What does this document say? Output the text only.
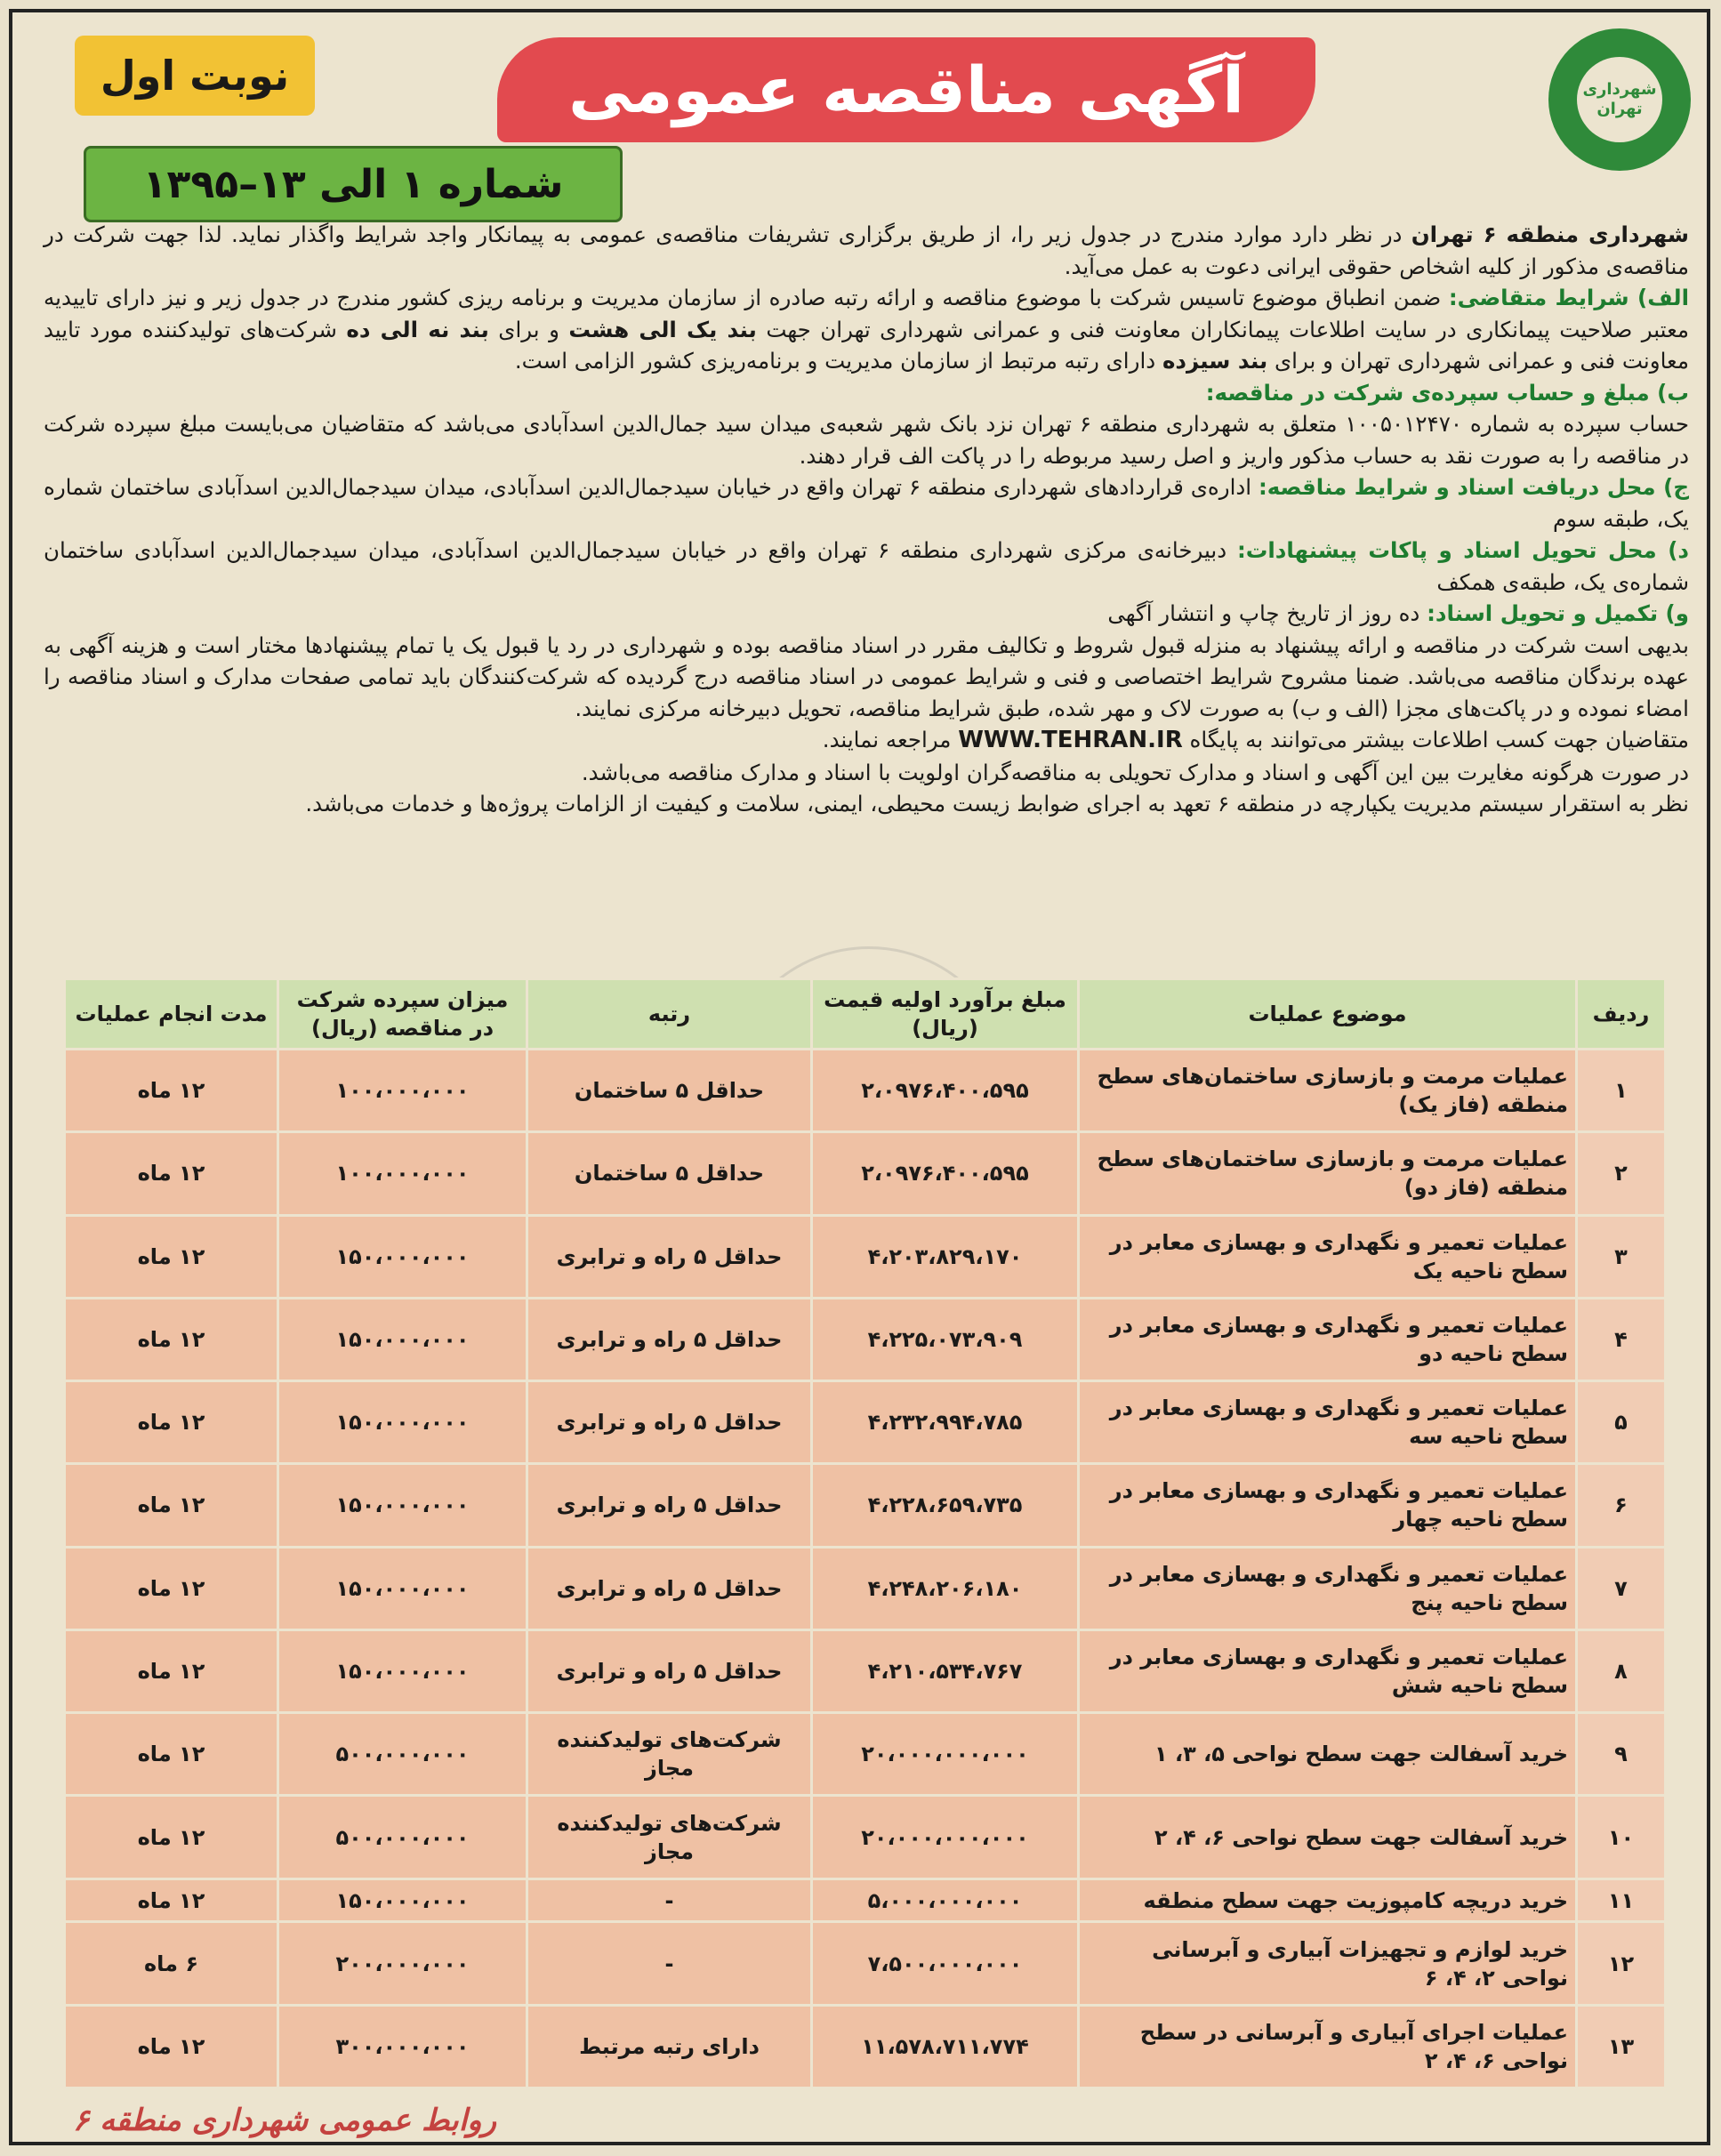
شهرداری تهران
آگهی مناقصه عمومی
نوبت اول
شماره ۱ الی ۱۳–۱۳۹۵

شهرداری منطقه ۶ تهران در نظر دارد موارد مندرج در جدول زیر را، از طریق برگزاری تشریفات مناقصه‌ی عمومی به پیمانکار واجد شرایط واگذار نماید. لذا جهت شرکت در مناقصه‌ی مذکور از کلیه اشخاص حقوقی ایرانی دعوت به عمل می‌آید.

الف) شرایط متقاضی: ضمن انطباق موضوع تاسیس شرکت با موضوع مناقصه و ارائه رتبه صادره از سازمان مدیریت و برنامه ریزی کشور مندرج در جدول زیر و نیز دارای تاییدیه معتبر صلاحیت پیمانکاری در سایت اطلاعات پیمانکاران معاونت فنی و عمرانی شهرداری تهران جهت بند یک الی هشت و برای بند نه الی ده شرکت‌های تولیدکننده مورد تایید معاونت فنی و عمرانی شهرداری تهران و برای بند سیزده دارای رتبه مرتبط از سازمان مدیریت و برنامه‌ریزی کشور الزامی است.

ب) مبلغ و حساب سپرده‌ی شرکت در مناقصه:

حساب سپرده به شماره ۱۰۰۵۰۱۲۴۷۰ متعلق به شهرداری منطقه ۶ تهران نزد بانک شهر شعبه‌ی میدان سید جمال‌الدین اسدآبادی می‌باشد که متقاضیان می‌بایست مبلغ سپرده شرکت در مناقصه را به صورت نقد به حساب مذکور واریز و اصل رسید مربوطه را در پاکت الف قرار دهند.

ج) محل دریافت اسناد و شرایط مناقصه: اداره‌ی قراردادهای شهرداری منطقه ۶ تهران واقع در خیابان سیدجمال‌الدین اسدآبادی، میدان سیدجمال‌الدین اسدآبادی ساختمان شماره یک، طبقه سوم

د) محل تحویل اسناد و پاکات پیشنهادات: دبیرخانه‌ی مرکزی شهرداری منطقه ۶ تهران واقع در خیابان سیدجمال‌الدین اسدآبادی، میدان سیدجمال‌الدین اسدآبادی ساختمان شماره‌ی یک، طبقه‌ی همکف

و) تکمیل و تحویل اسناد: ده روز از تاریخ چاپ و انتشار آگهی

بدیهی است شرکت در مناقصه و ارائه پیشنهاد به منزله قبول شروط و تکالیف مقرر در اسناد مناقصه بوده و شهرداری در رد یا قبول یک یا تمام پیشنهادها مختار است و هزینه آگهی به عهده برندگان مناقصه می‌باشد. ضمنا مشروح شرایط اختصاصی و فنی و شرایط عمومی در اسناد مناقصه درج گردیده که شرکت‌کنندگان باید تمامی صفحات مدارک و اسناد مناقصه را امضاء نموده و در پاکت‌های مجزا (الف و ب) به صورت لاک و مهر شده، طبق شرایط مناقصه، تحویل دبیرخانه مرکزی نمایند.

متقاضیان جهت کسب اطلاعات بیشتر می‌توانند به پایگاه WWW.TEHRAN.IR مراجعه نمایند.

در صورت هرگونه مغایرت بین این آگهی و اسناد و مدارک تحویلی به مناقصه‌گران اولویت با اسناد و مدارک مناقصه می‌باشد.

نظر به استقرار سیستم مدیریت یکپارچه در منطقه ۶ تعهد به اجرای ضوابط زیست محیطی، ایمنی، سلامت و کیفیت از الزامات پروژه‌ها و خدمات می‌باشد.

ردیف	موضوع عملیات	مبلغ برآورد اولیه قیمت (ریال)	رتبه	میزان سپرده شرکت در مناقصه (ریال)	مدت انجام عملیات
۱	عملیات مرمت و بازسازی ساختمان‌های سطح منطقه (فاز یک)	۲،۰۹۷۶،۴۰۰،۵۹۵	حداقل ۵ ساختمان	۱۰۰،۰۰۰،۰۰۰	۱۲ ماه
۲	عملیات مرمت و بازسازی ساختمان‌های سطح منطقه (فاز دو)	۲،۰۹۷۶،۴۰۰،۵۹۵	حداقل ۵ ساختمان	۱۰۰،۰۰۰،۰۰۰	۱۲ ماه
۳	عملیات تعمیر و نگهداری و بهسازی معابر در سطح ناحیه یک	۴،۲۰۳،۸۲۹،۱۷۰	حداقل ۵ راه و ترابری	۱۵۰،۰۰۰،۰۰۰	۱۲ ماه
۴	عملیات تعمیر و نگهداری و بهسازی معابر در سطح ناحیه دو	۴،۲۲۵،۰۷۳،۹۰۹	حداقل ۵ راه و ترابری	۱۵۰،۰۰۰،۰۰۰	۱۲ ماه
۵	عملیات تعمیر و نگهداری و بهسازی معابر در سطح ناحیه سه	۴،۲۳۲،۹۹۴،۷۸۵	حداقل ۵ راه و ترابری	۱۵۰،۰۰۰،۰۰۰	۱۲ ماه
۶	عملیات تعمیر و نگهداری و بهسازی معابر در سطح ناحیه چهار	۴،۲۲۸،۶۵۹،۷۳۵	حداقل ۵ راه و ترابری	۱۵۰،۰۰۰،۰۰۰	۱۲ ماه
۷	عملیات تعمیر و نگهداری و بهسازی معابر در سطح ناحیه پنج	۴،۲۴۸،۲۰۶،۱۸۰	حداقل ۵ راه و ترابری	۱۵۰،۰۰۰،۰۰۰	۱۲ ماه
۸	عملیات تعمیر و نگهداری و بهسازی معابر در سطح ناحیه شش	۴،۲۱۰،۵۳۴،۷۶۷	حداقل ۵ راه و ترابری	۱۵۰،۰۰۰،۰۰۰	۱۲ ماه
۹	خرید آسفالت جهت سطح نواحی ۵، ۳، ۱	۲۰،۰۰۰،۰۰۰،۰۰۰	شرکت‌های تولیدکننده مجاز	۵۰۰،۰۰۰،۰۰۰	۱۲ ماه
۱۰	خرید آسفالت جهت سطح نواحی ۶، ۴، ۲	۲۰،۰۰۰،۰۰۰،۰۰۰	شرکت‌های تولیدکننده مجاز	۵۰۰،۰۰۰،۰۰۰	۱۲ ماه
۱۱	خرید دریچه کامپوزیت جهت سطح منطقه	۵،۰۰۰،۰۰۰،۰۰۰	-	۱۵۰،۰۰۰،۰۰۰	۱۲ ماه
۱۲	خرید لوازم و تجهیزات آبیاری و آبرسانی نواحی ۲، ۴، ۶	۷،۵۰۰،۰۰۰،۰۰۰	-	۲۰۰،۰۰۰،۰۰۰	۶ ماه
۱۳	عملیات اجرای آبیاری و آبرسانی در سطح نواحی ۶، ۴، ۲	۱۱،۵۷۸،۷۱۱،۷۷۴	دارای رتبه مرتبط	۳۰۰،۰۰۰،۰۰۰	۱۲ ماه
روابط عمومی شهرداری منطقه ۶
